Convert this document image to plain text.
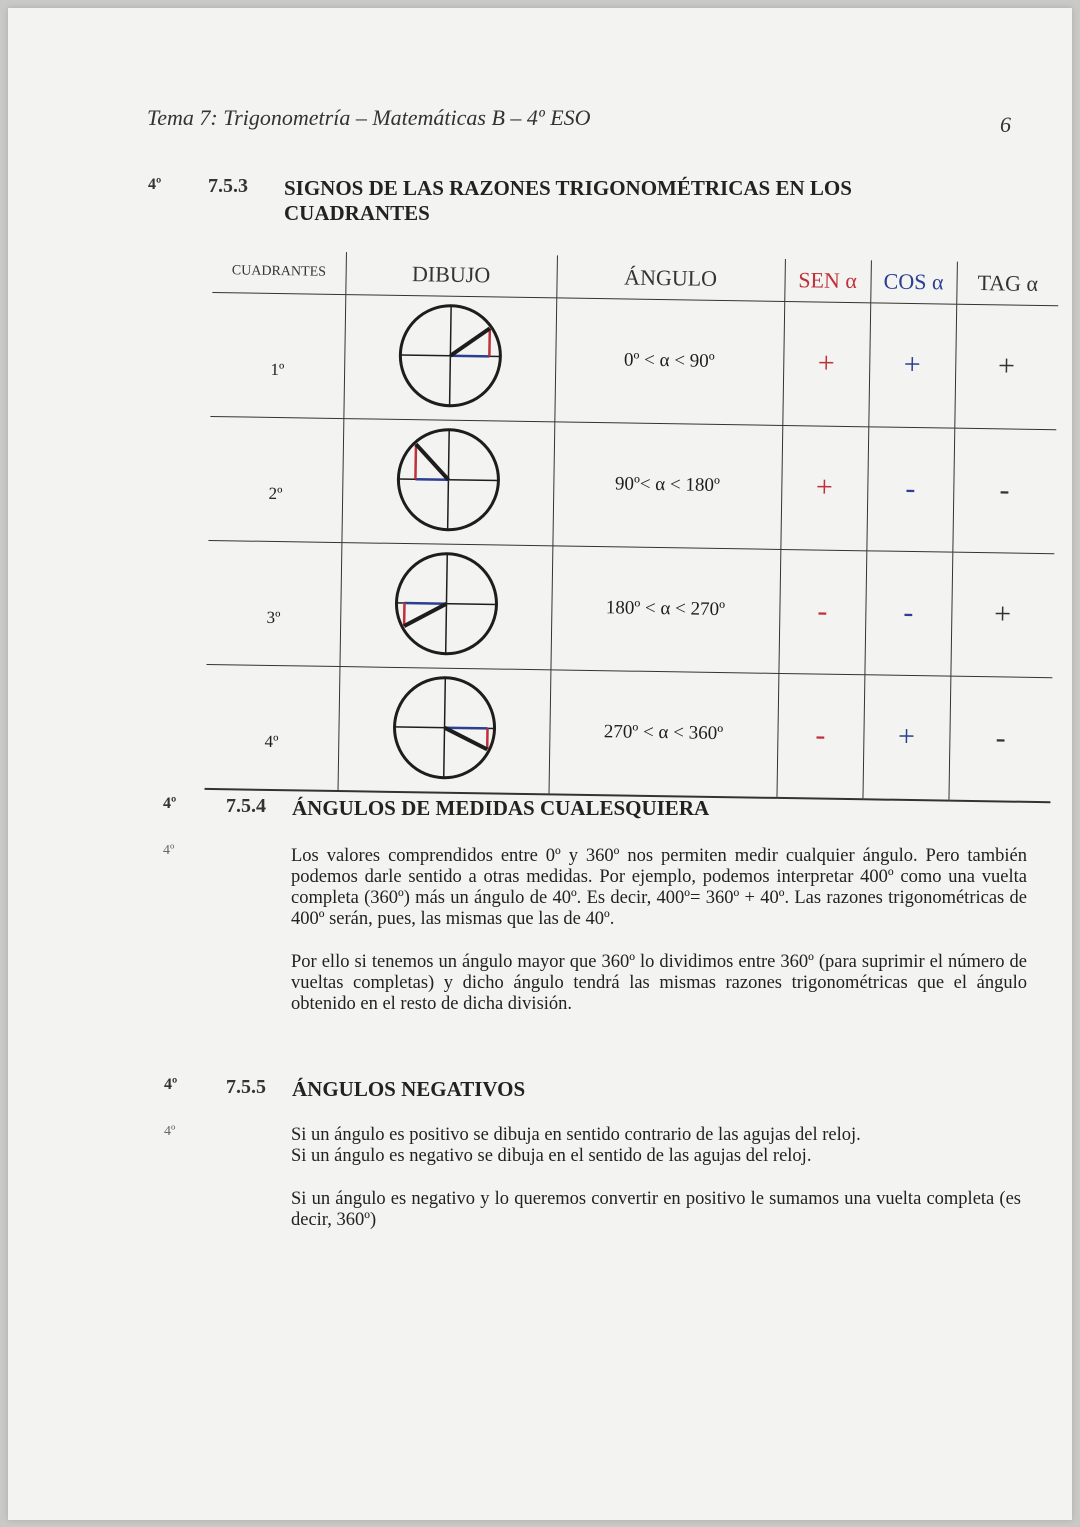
Tema 7: Trigonometría – Matemáticas B – 4º ESO	6
4º 7.5.3 SIGNOS DE LAS RAZONES TRIGONOMÉTRICAS EN LOS
CUADRANTES
CUADRANTES	DIBUJO	ÁNGULO	SEN α	COS α	TAG α

1º		0º < α < 90º	+	+	+

2º		90º< α < 180º	+	-	-

3º		180º < α < 270º	-	-	+

4º		270º < α < 360º	-	+	-
4º 7.5.4 ÁNGULOS DE MEDIDAS CUALESQUIERA
4º	Los valores comprendidos entre 0º y 360º nos permiten medir cualquier ángulo. Pero también podemos darle sentido a otras medidas. Por ejemplo, podemos interpretar 400º como una vuelta completa (360º) más un ángulo de 40º. Es decir, 400º= 360º + 40º. Las razones trigonométricas de 400º serán, pues, las mismas que las de 40º.

Por ello si tenemos un ángulo mayor que 360º lo dividimos entre 360º (para suprimir el número de vueltas completas) y dicho ángulo tendrá las mismas razones trigonométricas que el ángulo obtenido en el resto de dicha división.

4º 7.5.5 ÁNGULOS NEGATIVOS
4º	Si un ángulo es positivo se dibuja en sentido contrario de las agujas del reloj.

Si un ángulo es negativo se dibuja en el sentido de las agujas del reloj.

Si un ángulo es negativo y lo queremos convertir en positivo le sumamos una vuelta completa (es decir, 360º)
